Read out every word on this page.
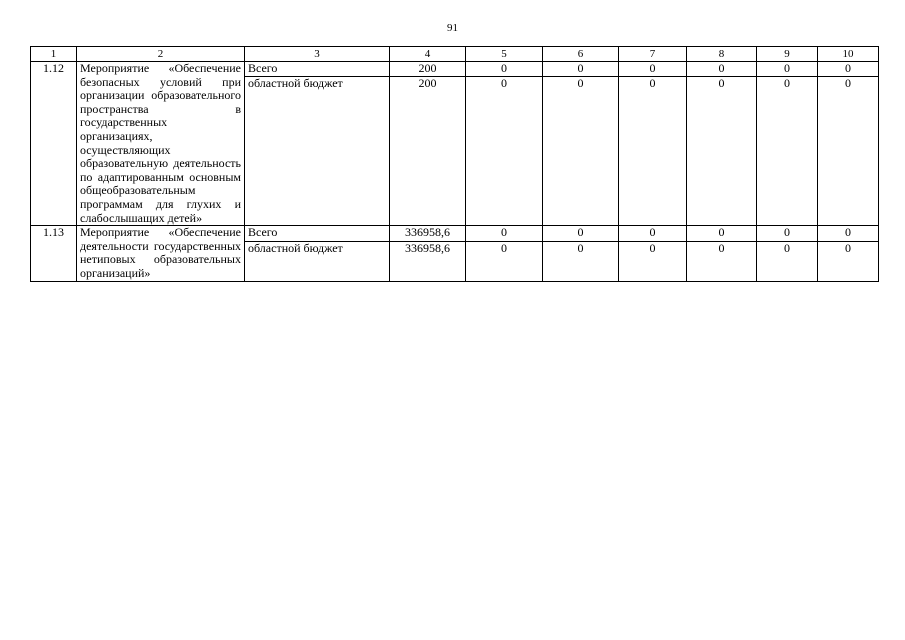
91
1	2	3	4	5	6	7	8	9	10
1.12	Мероприятие «Обеспечение безопасных условий при организации образовательного пространства в государственных организациях, осуществляющих образовательную деятельность по адаптированным основным общеобразовательным программам для глухих и слабослышащих детей»	Всего	200	0	0	0	0	0	0
		областной бюджет	200	0	0	0	0	0	0

1.13	Мероприятие «Обеспечение деятельности государственных нетиповых образовательных организаций»	Всего	336958,6	0	0	0	0	0	0
		областной бюджет	336958,6	0	0	0	0	0	0
